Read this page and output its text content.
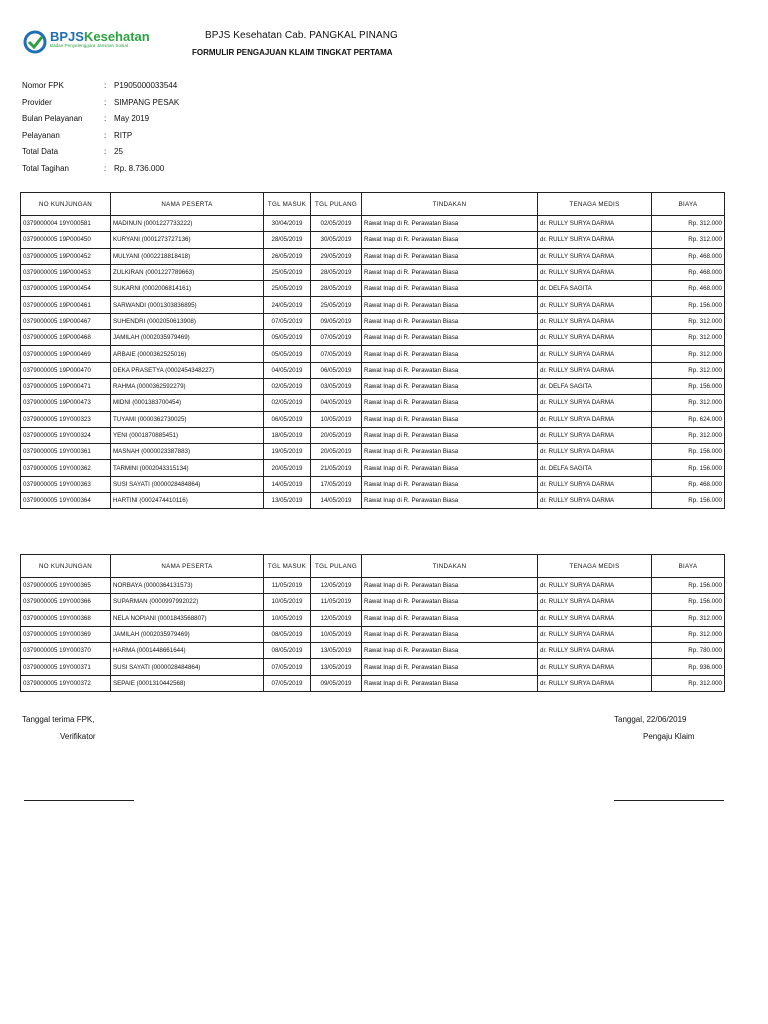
BPJSKesehatan
Badan Penyelenggara Jaminan Sosial
BPJS Kesehatan Cab. PANGKAL PINANG
FORMULIR PENGAJUAN KLAIM TINGKAT PERTAMA
Nomor FPK	: P1905000033544
Provider	: SIMPANG PESAK
Bulan Pelayanan	: May 2019
Pelayanan	: RITP
Total Data	: 25
Total Tagihan	: Rp. 8.736.000
NO KUNJUNGAN	NAMA PESERTA	TGL MASUK	TGL PULANG	TINDAKAN	TENAGA MEDIS	BIAYA
0379000004 19Y000581	MADINUN (0001227733222)	30/04/2019	02/05/2019	Rawat Inap di R. Perawatan Biasa	dr. RULLY SURYA DARMA	Rp. 312.000
0379000005 19P000450	KURYANI (0001273727136)	28/05/2019	30/05/2019	Rawat Inap di R. Perawatan Biasa	dr. RULLY SURYA DARMA	Rp. 312.000
0379000005 19P000452	MULYANI (0002218818418)	26/05/2019	29/05/2019	Rawat Inap di R. Perawatan Biasa	dr. RULLY SURYA DARMA	Rp. 468.000
0379000005 19P000453	ZULKIRAN (0001227789663)	25/05/2019	28/05/2019	Rawat Inap di R. Perawatan Biasa	dr. RULLY SURYA DARMA	Rp. 468.000
0379000005 19P000454	SUKARNI (0002006814161)	25/05/2019	28/05/2019	Rawat Inap di R. Perawatan Biasa	dr. DELFA SAGITA	Rp. 468.000
0379000005 19P000461	SARWANDI (0001303836895)	24/05/2019	25/05/2019	Rawat Inap di R. Perawatan Biasa	dr. RULLY SURYA DARMA	Rp. 156.000
0379000005 19P000467	SUHENDRI (0002050613908)	07/05/2019	09/05/2019	Rawat Inap di R. Perawatan Biasa	dr. RULLY SURYA DARMA	Rp. 312.000
0379000005 19P000468	JAMILAH (0002035979469)	05/05/2019	07/05/2019	Rawat Inap di R. Perawatan Biasa	dr. RULLY SURYA DARMA	Rp. 312.000
0379000005 19P000469	ARBAIE (0000362525016)	05/05/2019	07/05/2019	Rawat Inap di R. Perawatan Biasa	dr. RULLY SURYA DARMA	Rp. 312.000
0379000005 19P000470	DEKA PRASETYA (0002454348227)	04/05/2019	06/05/2019	Rawat Inap di R. Perawatan Biasa	dr. RULLY SURYA DARMA	Rp. 312.000
0379000005 19P000471	RAHMA (0000362592279)	02/05/2019	03/05/2019	Rawat Inap di R. Perawatan Biasa	dr. DELFA SAGITA	Rp. 156.000
0379000005 19P000473	MIDNI (0001383700454)	02/05/2019	04/05/2019	Rawat Inap di R. Perawatan Biasa	dr. RULLY SURYA DARMA	Rp. 312.000
0379000005 19Y000323	TUYAMI (0000362730025)	06/05/2019	10/05/2019	Rawat Inap di R. Perawatan Biasa	dr. RULLY SURYA DARMA	Rp. 624.000
0379000005 19Y000324	YENI (0001870885451)	18/05/2019	20/05/2019	Rawat Inap di R. Perawatan Biasa	dr. RULLY SURYA DARMA	Rp. 312.000
0379000005 19Y000361	MASNAH (0000023387883)	19/05/2019	20/05/2019	Rawat Inap di R. Perawatan Biasa	dr. RULLY SURYA DARMA	Rp. 156.000
0379000005 19Y000362	TARMINI (0002043315134)	20/05/2019	21/05/2019	Rawat Inap di R. Perawatan Biasa	dr. DELFA SAGITA	Rp. 156.000
0379000005 19Y000363	SUSI SAYATI (0000028484864)	14/05/2019	17/05/2019	Rawat Inap di R. Perawatan Biasa	dr. RULLY SURYA DARMA	Rp. 468.000
0379000005 19Y000364	HARTINI (0002474410116)	13/05/2019	14/05/2019	Rawat Inap di R. Perawatan Biasa	dr. RULLY SURYA DARMA	Rp. 156.000
NO KUNJUNGAN	NAMA PESERTA	TGL MASUK	TGL PULANG	TINDAKAN	TENAGA MEDIS	BIAYA
0379000005 19Y000365	NORBAYA (0000364131573)	11/05/2019	12/05/2019	Rawat Inap di R. Perawatan Biasa	dr. RULLY SURYA DARMA	Rp. 156.000
0379000005 19Y000366	SUPARMAN (0000997992022)	10/05/2019	11/05/2019	Rawat Inap di R. Perawatan Biasa	dr. RULLY SURYA DARMA	Rp. 156.000
0379000005 19Y000368	NELA NOPIANI (0001843568807)	10/05/2019	12/05/2019	Rawat Inap di R. Perawatan Biasa	dr. RULLY SURYA DARMA	Rp. 312.000
0379000005 19Y000369	JAMILAH (0002035979469)	08/05/2019	10/05/2019	Rawat Inap di R. Perawatan Biasa	dr. RULLY SURYA DARMA	Rp. 312.000
0379000005 19Y000370	HARMA (0001448661644)	08/05/2019	13/05/2019	Rawat Inap di R. Perawatan Biasa	dr. RULLY SURYA DARMA	Rp. 780.000
0379000005 19Y000371	SUSI SAYATI (0000028484864)	07/05/2019	13/05/2019	Rawat Inap di R. Perawatan Biasa	dr. RULLY SURYA DARMA	Rp. 936.000
0379000005 19Y000372	SEPAIE (0001310442568)	07/05/2019	09/05/2019	Rawat Inap di R. Perawatan Biasa	dr. RULLY SURYA DARMA	Rp. 312.000
Tanggal terima FPK,
Verifikator
Tanggal, 22/06/2019
Pengaju Klaim
